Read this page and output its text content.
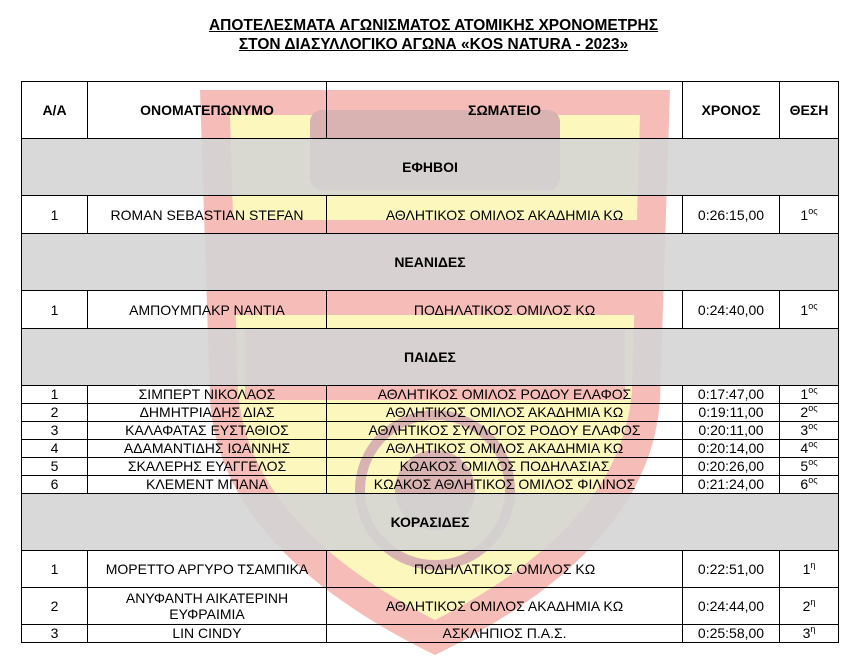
ΑΠΟΤΕΛΕΣΜΑΤΑ ΑΓΩΝΙΣΜΑΤΟΣ ΑΤΟΜΙΚΗΣ ΧΡΟΝΟΜΕΤΡΗΣ
ΣΤΟΝ ΔΙΑΣΥΛΛΟΓΙΚΟ ΑΓΩΝΑ «KOS NATURA - 2023»
Α/Α	ΟΝΟΜΑΤΕΠΩΝΥΜΟ	ΣΩΜΑΤΕΙΟ	ΧΡΟΝΟΣ	ΘΕΣΗ
ΕΦΗΒΟΙ				
1	ROMAN SEBASTIAN STEFAN	ΑΘΛΗΤΙΚΟΣ ΟΜΙΛΟΣ ΑΚΑΔΗΜΙΑ ΚΩ	0:26:15,00	$1^{o\varsigma}$
ΝΕΑΝΙΔΕΣ				
1	ΑΜΠΟΥΜΠΑΚΡ ΝΑΝΤΙΑ	ΠΟΔΗΛΑΤΙΚΟΣ ΟΜΙΛΟΣ ΚΩ	0:24:40,00	$1^{o\varsigma}$
ΠΑΙΔΕΣ				
1	ΣΙΜΠΕΡΤ ΝΙΚΟΛΑΟΣ	ΑΘΛΗΤΙΚΟΣ ΟΜΙΛΟΣ ΡΟΔΟΥ ΕΛΑΦΟΣ	0:17:47,00	$1^{o\varsigma}$
2	ΔΗΜΗΤΡΙΑΔΗΣ ΔΙΑΣ	ΑΘΛΗΤΙΚΟΣ ΟΜΙΛΟΣ ΑΚΑΔΗΜΙΑ ΚΩ	0:19:11,00	$2^{o\varsigma}$
3	ΚΑΛΑΦΑΤΑΣ ΕΥΣΤΑΘΙΟΣ	ΑΘΛΗΤΙΚΟΣ ΣΥΛΛΟΓΟΣ ΡΟΔΟΥ ΕΛΑΦΟΣ	0:20:11,00	$3^{o\varsigma}$
4	ΑΔΑΜΑΝΤΙΔΗΣ ΙΩΑΝΝΗΣ	ΑΘΛΗΤΙΚΟΣ ΟΜΙΛΟΣ ΑΚΑΔΗΜΙΑ ΚΩ	0:20:14,00	$4^{o\varsigma}$
5	ΣΚΑΛΕΡΗΣ ΕΥΑΓΓΕΛΟΣ	ΚΩΑΚΟΣ ΟΜΙΛΟΣ ΠΟΔΗΛΑΣΙΑΣ	0:20:26,00	$5^{o\varsigma}$
6	ΚΛΕΜΕΝΤ ΜΠΑΝΑ	ΚΩΑΚΟΣ ΑΘΛΗΤΙΚΟΣ ΟΜΙΛΟΣ ΦΙΛΙΝΟΣ	0:21:24,00	$6^{o\varsigma}$
ΚΟΡΑΣΙΔΕΣ				
1	ΜΟΡΕΤΤΟ ΑΡΓΥΡΟ ΤΣΑΜΠΙΚΑ	ΠΟΔΗΛΑΤΙΚΟΣ ΟΜΙΛΟΣ ΚΩ	0:22:51,00	$1^\eta$
2	ΑΝΥΦΑΝΤΗ ΑΙΚΑΤΕΡΙΝΗ ΕΥΦΡΑΙΜΙΑ	ΑΘΛΗΤΙΚΟΣ ΟΜΙΛΟΣ ΑΚΑΔΗΜΙΑ ΚΩ	0:24:44,00	$2^\eta$
3	LIN CINDY	ΑΣΚΛΗΠΙΟΣ Π.Α.Σ.	0:25:58,00	$3^\eta$
